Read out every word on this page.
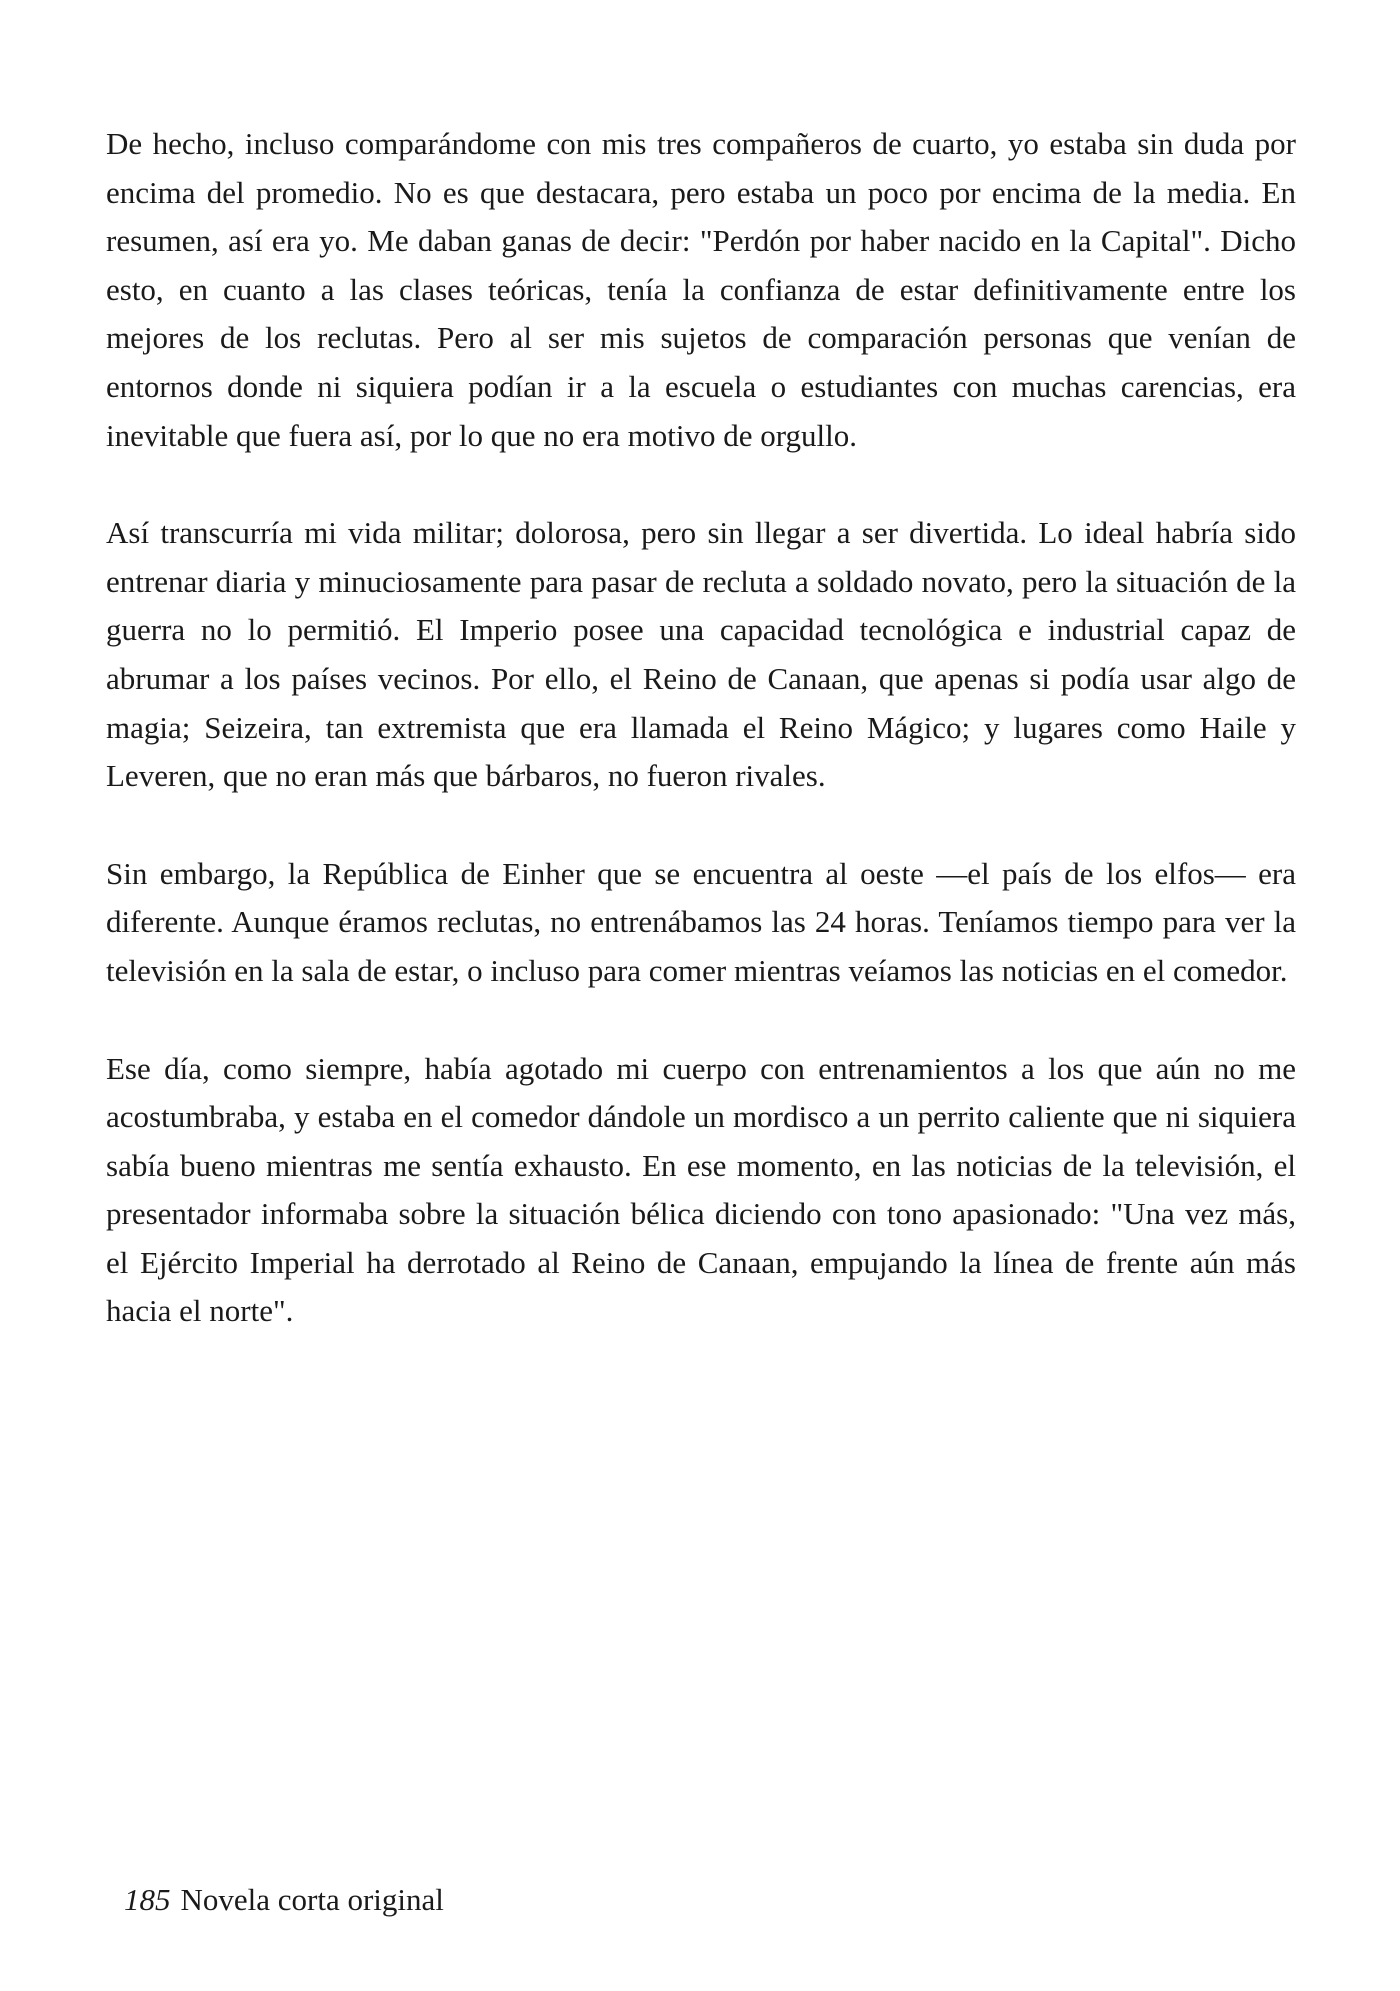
De hecho, incluso comparándome con mis tres compañeros de cuarto, yo estaba sin duda por encima del promedio. No es que destacara, pero estaba un poco por encima de la media. En resumen, así era yo. Me daban ganas de decir: "Perdón por haber nacido en la Capital". Dicho esto, en cuanto a las clases teóricas, tenía la confianza de estar definitivamente entre los mejores de los reclutas. Pero al ser mis sujetos de comparación personas que venían de entornos donde ni siquiera podían ir a la escuela o estudiantes con muchas carencias, era inevitable que fuera así, por lo que no era motivo de orgullo.

Así transcurría mi vida militar; dolorosa, pero sin llegar a ser divertida. Lo ideal habría sido entrenar diaria y minuciosamente para pasar de recluta a soldado novato, pero la situación de la guerra no lo permitió. El Imperio posee una capacidad tecnológica e industrial capaz de abrumar a los países vecinos. Por ello, el Reino de Canaan, que apenas si podía usar algo de magia; Seizeira, tan extremista que era llamada el Reino Mágico; y lugares como Haile y Leveren, que no eran más que bárbaros, no fueron rivales.

Sin embargo, la República de Einher que se encuentra al oeste —el país de los elfos— era diferente. Aunque éramos reclutas, no entrenábamos las 24 horas. Teníamos tiempo para ver la televisión en la sala de estar, o incluso para comer mientras veíamos las noticias en el comedor.

Ese día, como siempre, había agotado mi cuerpo con entrenamientos a los que aún no me acostumbraba, y estaba en el comedor dándole un mordisco a un perrito caliente que ni siquiera sabía bueno mientras me sentía exhausto. En ese momento, en las noticias de la televisión, el presentador informaba sobre la situación bélica diciendo con tono apasionado: "Una vez más, el Ejército Imperial ha derrotado al Reino de Canaan, empujando la línea de frente aún más hacia el norte".

185 Novela corta original
